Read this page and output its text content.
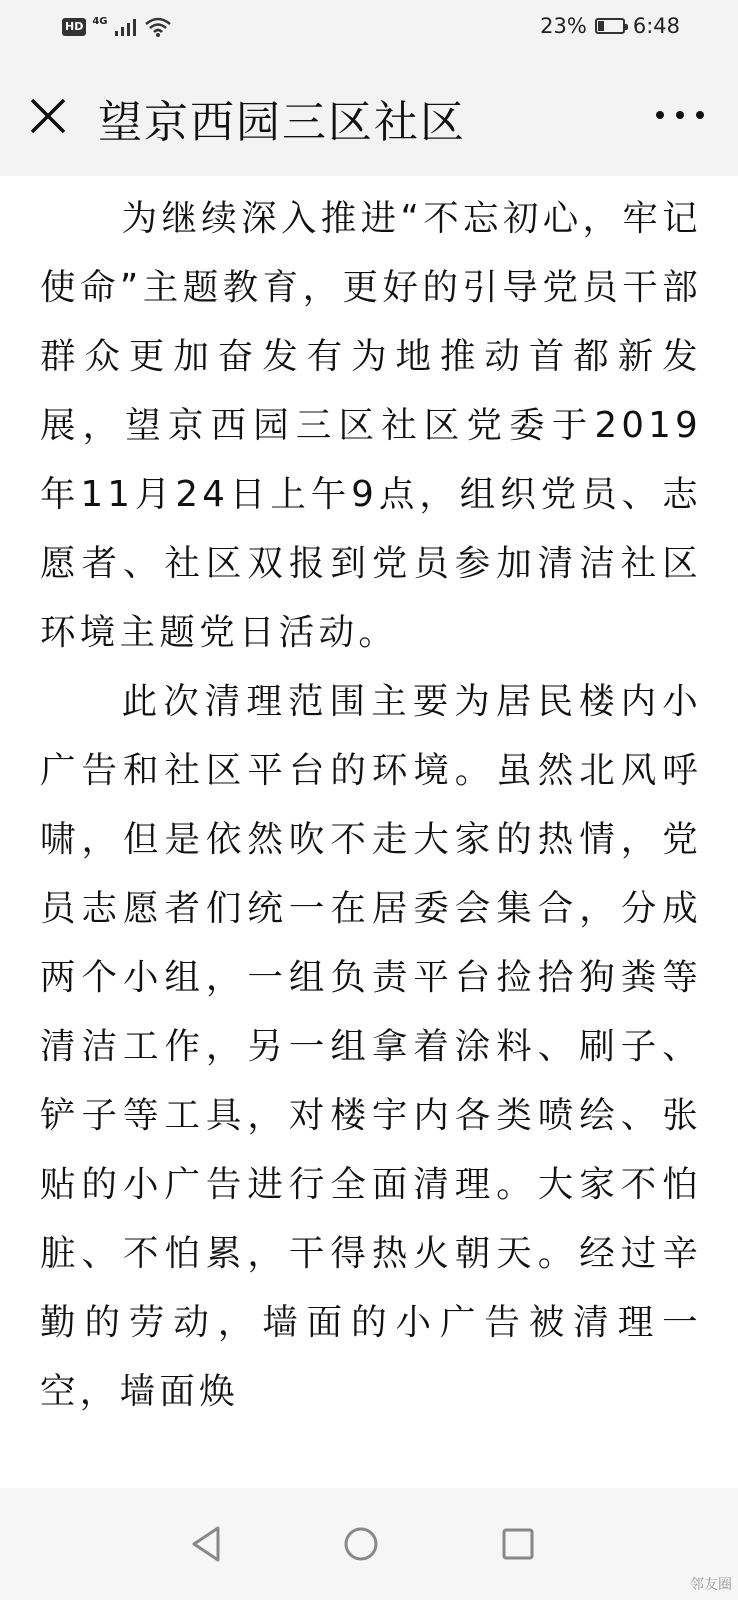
HD 4G	23% 6:48
望京西园三区社区

为继续深入推进“不忘初心，牢记使命”主题教育，更好的引导党员干部群众更加奋发有为地推动首都新发展，望京西园三区社区党委于2019年11月24日上午9点，组织党员、志愿者、社区双报到党员参加清洁社区环境主题党日活动。

此次清理范围主要为居民楼内小广告和社区平台的环境。虽然北风呼啸，但是依然吹不走大家的热情，党员志愿者们统一在居委会集合，分成两个小组，一组负责平台捡拾狗粪等清洁工作，另一组拿着涂料、刷子、铲子等工具，对楼宇内各类喷绘、张贴的小广告进行全面清理。大家不怕脏、不怕累，干得热火朝天。经过辛勤的劳动，墙面的小广告被清理一空，墙面焕

邻友圈
